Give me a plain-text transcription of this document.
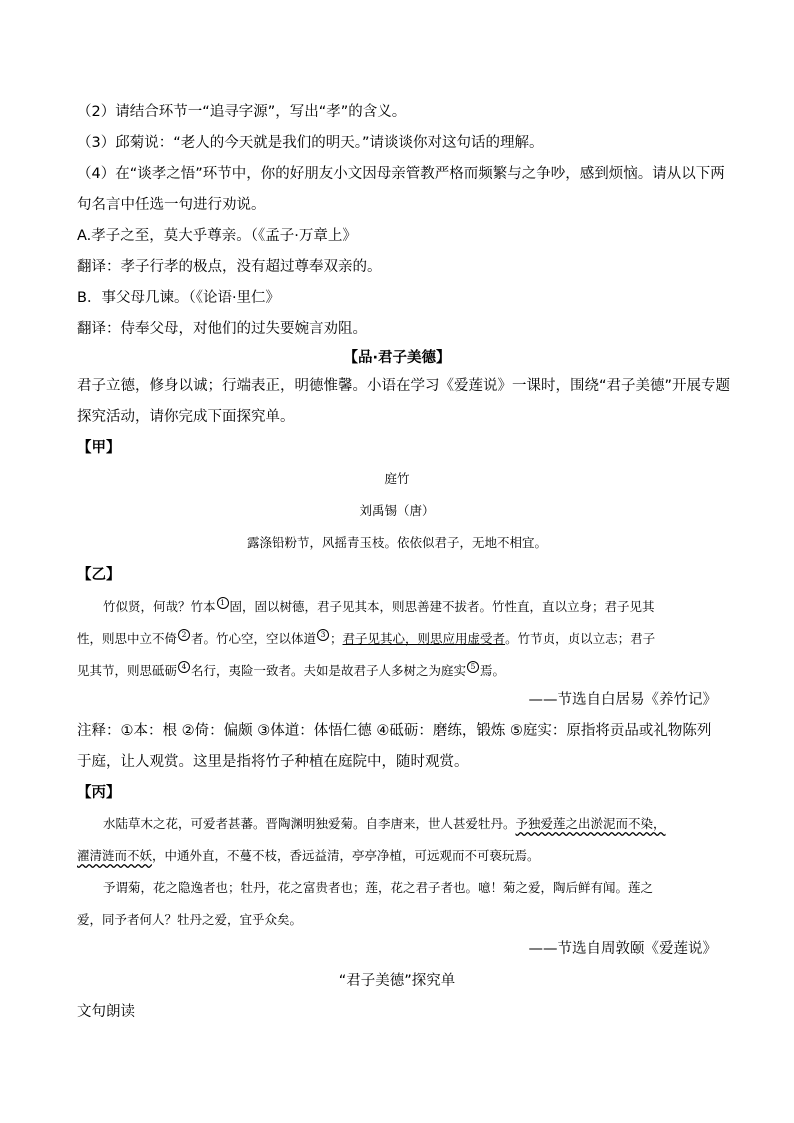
（2）请结合环节一“追寻字源”，写出“孝”的含义。
（3）邱菊说：“老人的今天就是我们的明天。”请谈谈你对这句话的理解。
（4）在“谈孝之悟”环节中，你的好朋友小文因母亲管教严格而频繁与之争吵，感到烦恼。请从以下两
句名言中任选一句进行劝说。
A.孝子之至，莫大乎尊亲。（《孟子·万章上》
翻译：孝子行孝的极点，没有超过尊奉双亲的。
B．事父母几谏。（《论语·里仁》
翻译：侍奉父母，对他们的过失要婉言劝阻。
【品·君子美德】
君子立德，修身以诚；行端表正，明德惟馨。小语在学习《爱莲说》一课时，围绕“君子美德”开展专题
探究活动，请你完成下面探究单。
【甲】
庭竹
刘禹锡（唐）
露涤铅粉节，风摇青玉枝。依依似君子，无地不相宜。
【乙】
竹似贤，何哉？竹本 1 固，固以树德，君子见其本，则思善建不拔者。竹性直，直以立身；君子见其
性，则思中立不倚 2 者。竹心空，空以体道 3 ；君子见其心，则思应用虚受者。竹节贞，贞以立志；君子
见其节，则思砥砺 4 名行，夷险一致者。夫如是故君子人多树之为庭实 5 焉。
——节选自白居易《养竹记》
注释：①本：根 ②倚：偏颇 ③体道：体悟仁德 ④砥砺：磨练，锻炼 ⑤庭实：原指将贡品或礼物陈列
于庭，让人观赏。这里是指将竹子种植在庭院中，随时观赏。
【丙】
水陆草木之花，可爱者甚蕃。晋陶渊明独爱菊。自李唐来，世人甚爱牡丹。予独爱莲之出淤泥而不染，
濯清涟而不妖，中通外直，不蔓不枝，香远益清，亭亭净植，可远观而不可亵玩焉。
予谓菊，花之隐逸者也；牡丹，花之富贵者也；莲，花之君子者也。噫！菊之爱，陶后鲜有闻。莲之
爱，同予者何人？牡丹之爱，宜乎众矣。
——节选自周敦颐《爱莲说》
“君子美德”探究单
文句朗读
